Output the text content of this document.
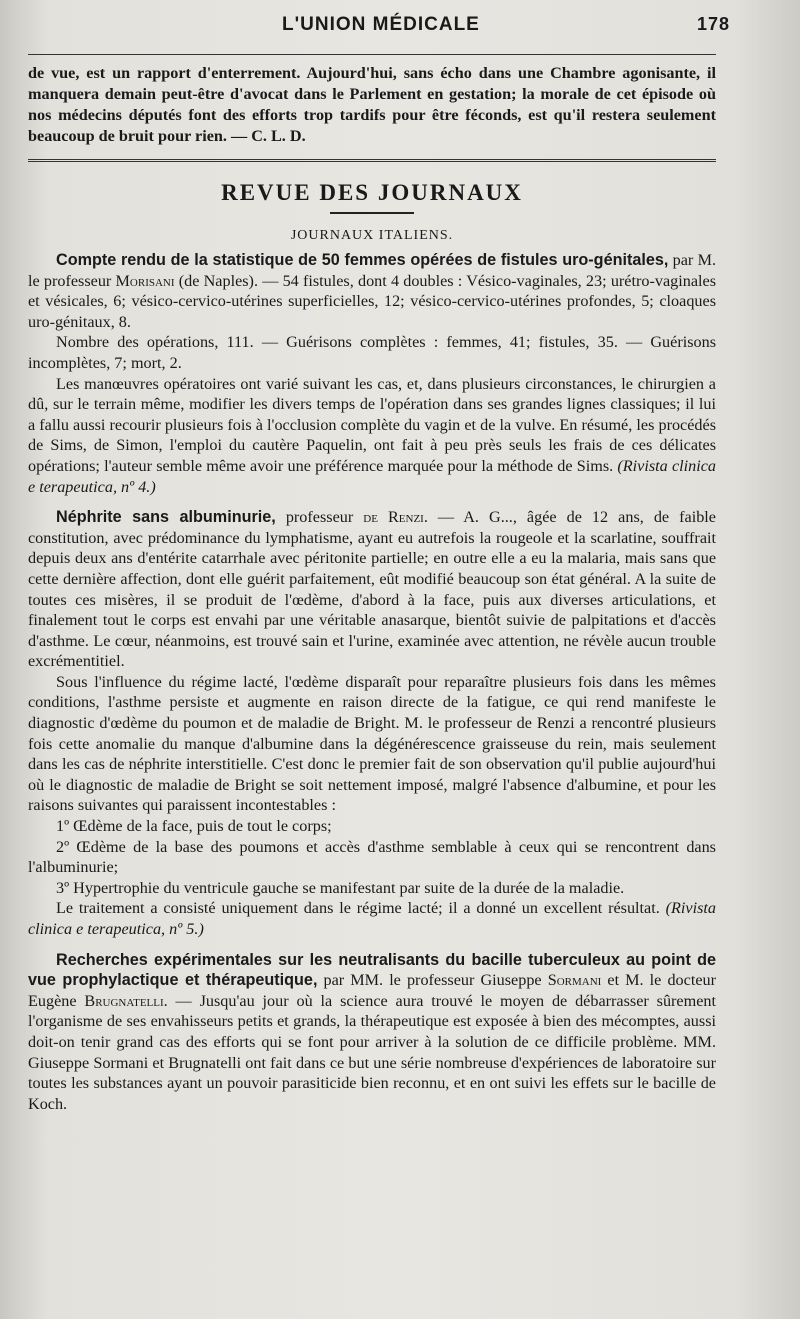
L'UNION MÉDICALE	178

de vue, est un rapport d'enterrement. Aujourd'hui, sans écho dans une Chambre agonisante, il manquera demain peut-être d'avocat dans le Parlement en gestation; la morale de cet épisode où nos médecins députés font des efforts trop tardifs pour être féconds, est qu'il restera seulement beaucoup de bruit pour rien. — C. L. D.

REVUE DES JOURNAUX
JOURNAUX ITALIENS.

Compte rendu de la statistique de 50 femmes opérées de fistules uro-génitales, par M. le professeur Morisani (de Naples). — 54 fistules, dont 4 doubles : Vésico-vaginales, 23; urétro-vaginales et vésicales, 6; vésico-cervico-utérines superficielles, 12; vésico-cervico-utérines profondes, 5; cloaques uro-génitaux, 8.

Nombre des opérations, 111. — Guérisons complètes : femmes, 41; fistules, 35. — Guérisons incomplètes, 7; mort, 2.

Les manœuvres opératoires ont varié suivant les cas, et, dans plusieurs circonstances, le chirurgien a dû, sur le terrain même, modifier les divers temps de l'opération dans ses grandes lignes classiques; il lui a fallu aussi recourir plusieurs fois à l'occlusion complète du vagin et de la vulve. En résumé, les procédés de Sims, de Simon, l'emploi du cautère Paquelin, ont fait à peu près seuls les frais de ces délicates opérations; l'auteur semble même avoir une préférence marquée pour la méthode de Sims. (Rivista clinica e terapeutica, nº 4.)

Néphrite sans albuminurie, professeur de Renzi. — A. G..., âgée de 12 ans, de faible constitution, avec prédominance du lymphatisme, ayant eu autrefois la rougeole et la scarlatine, souffrait depuis deux ans d'entérite catarrhale avec péritonite partielle; en outre elle a eu la malaria, mais sans que cette dernière affection, dont elle guérit parfaitement, eût modifié beaucoup son état général. A la suite de toutes ces misères, il se produit de l'œdème, d'abord à la face, puis aux diverses articulations, et finalement tout le corps est envahi par une véritable anasarque, bientôt suivie de palpitations et d'accès d'asthme. Le cœur, néanmoins, est trouvé sain et l'urine, examinée avec attention, ne révèle aucun trouble excrémentitiel.

Sous l'influence du régime lacté, l'œdème disparaît pour reparaître plusieurs fois dans les mêmes conditions, l'asthme persiste et augmente en raison directe de la fatigue, ce qui rend manifeste le diagnostic d'œdème du poumon et de maladie de Bright. M. le professeur de Renzi a rencontré plusieurs fois cette anomalie du manque d'albumine dans la dégénérescence graisseuse du rein, mais seulement dans les cas de néphrite interstitielle. C'est donc le premier fait de son observation qu'il publie aujourd'hui où le diagnostic de maladie de Bright se soit nettement imposé, malgré l'absence d'albumine, et pour les raisons suivantes qui paraissent incontestables :

1º Œdème de la face, puis de tout le corps;

2º Œdème de la base des poumons et accès d'asthme semblable à ceux qui se rencontrent dans l'albuminurie;

3º Hypertrophie du ventricule gauche se manifestant par suite de la durée de la maladie.

Le traitement a consisté uniquement dans le régime lacté; il a donné un excellent résultat. (Rivista clinica e terapeutica, nº 5.)

Recherches expérimentales sur les neutralisants du bacille tuberculeux au point de vue prophylactique et thérapeutique, par MM. le professeur Giuseppe Sormani et M. le docteur Eugène Brugnatelli. — Jusqu'au jour où la science aura trouvé le moyen de débarrasser sûrement l'organisme de ses envahisseurs petits et grands, la thérapeutique est exposée à bien des mécomptes, aussi doit-on tenir grand cas des efforts qui se font pour arriver à la solution de ce difficile problème. MM. Giuseppe Sormani et Brugnatelli ont fait dans ce but une série nombreuse d'expériences de laboratoire sur toutes les substances ayant un pouvoir parasiticide bien reconnu, et en ont suivi les effets sur le bacille de Koch.
